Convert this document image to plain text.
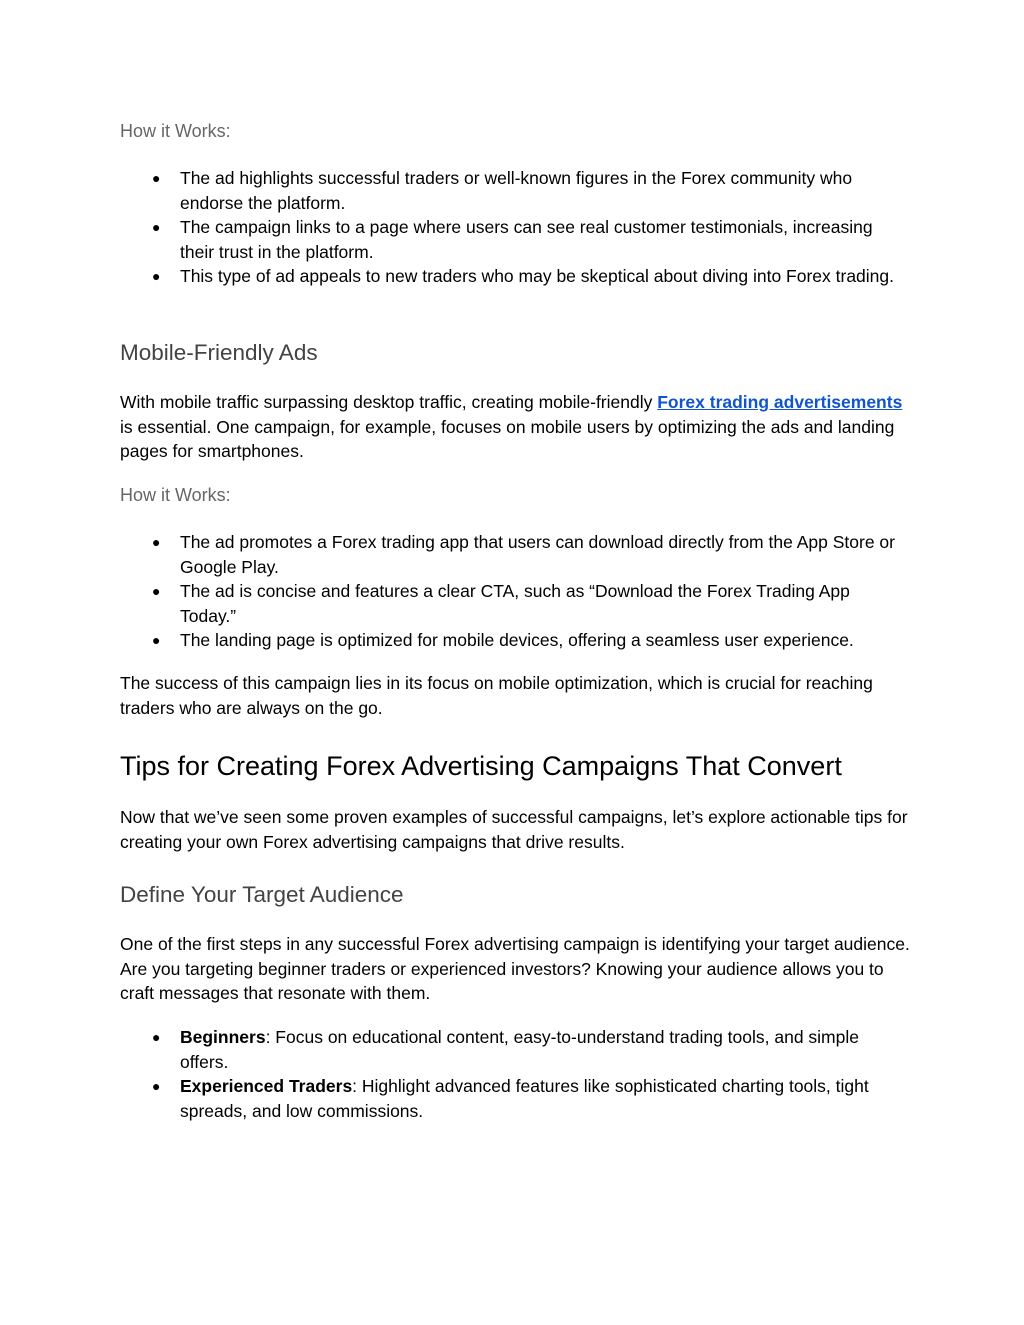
How it Works:
● The ad highlights successful traders or well-known figures in the Forex community who endorse the platform.
● The campaign links to a page where users can see real customer testimonials, increasing their trust in the platform.
● This type of ad appeals to new traders who may be skeptical about diving into Forex trading.
Mobile-Friendly Ads

With mobile traffic surpassing desktop traffic, creating mobile-friendly Forex trading advertisements is essential. One campaign, for example, focuses on mobile users by optimizing the ads and landing pages for smartphones.

How it Works:
● The ad promotes a Forex trading app that users can download directly from the App Store or Google Play.
● The ad is concise and features a clear CTA, such as “Download the Forex Trading App Today.”
● The landing page is optimized for mobile devices, offering a seamless user experience.

The success of this campaign lies in its focus on mobile optimization, which is crucial for reaching traders who are always on the go.

Tips for Creating Forex Advertising Campaigns That Convert

Now that we’ve seen some proven examples of successful campaigns, let’s explore actionable tips for creating your own Forex advertising campaigns that drive results.

Define Your Target Audience

One of the first steps in any successful Forex advertising campaign is identifying your target audience. Are you targeting beginner traders or experienced investors? Knowing your audience allows you to craft messages that resonate with them.

● Beginners: Focus on educational content, easy-to-understand trading tools, and simple offers.
● Experienced Traders: Highlight advanced features like sophisticated charting tools, tight spreads, and low commissions.
